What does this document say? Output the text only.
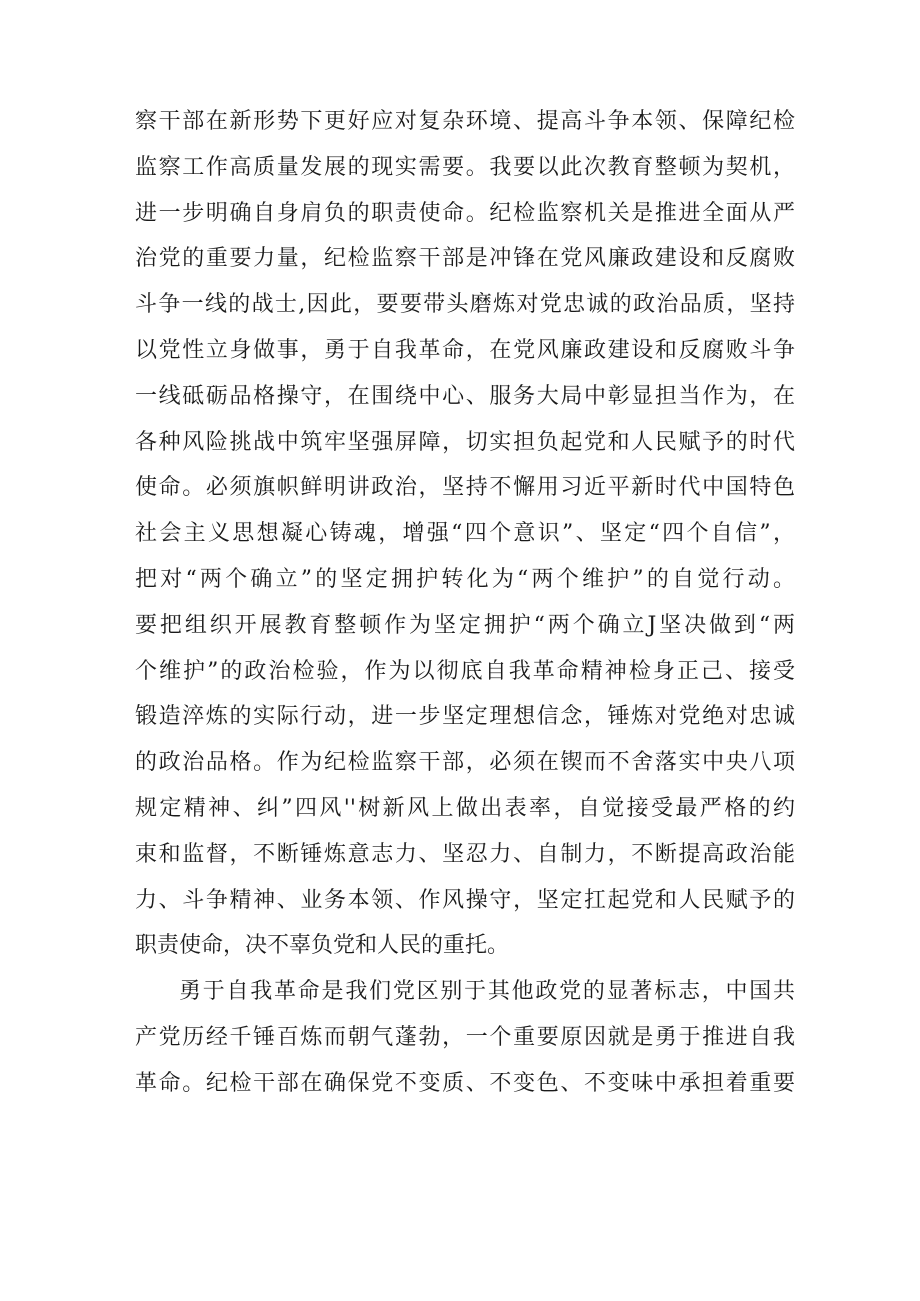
察干部在新形势下更好应对复杂环境、提高斗争本领、保障纪检
监察工作高质量发展的现实需要。我要以此次教育整顿为契机，
进一步明确自身肩负的职责使命。纪检监察机关是推进全面从严
治党的重要力量，纪检监察干部是冲锋在党风廉政建设和反腐败
斗争一线的战士,因此，要要带头磨炼对党忠诚的政治品质，坚持
以党性立身做事，勇于自我革命，在党风廉政建设和反腐败斗争
一线砥砺品格操守，在围绕中心、服务大局中彰显担当作为，在
各种风险挑战中筑牢坚强屏障，切实担负起党和人民赋予的时代
使命。必须旗帜鲜明讲政治，坚持不懈用习近平新时代中国特色
社会主义思想凝心铸魂，增强“四个意识”、坚定“四个自信”，
把对“两个确立”的坚定拥护转化为“两个维护”的自觉行动。
要把组织开展教育整顿作为坚定拥护“两个确立J坚决做到“两
个维护”的政治检验，作为以彻底自我革命精神检身正己、接受
锻造淬炼的实际行动，进一步坚定理想信念，锤炼对党绝对忠诚
的政治品格。作为纪检监察干部，必须在锲而不舍落实中央八项
规定精神、纠”四风''树新风上做出表率，自觉接受最严格的约
束和监督，不断锤炼意志力、坚忍力、自制力，不断提高政治能
力、斗争精神、业务本领、作风操守，坚定扛起党和人民赋予的
职责使命，决不辜负党和人民的重托。

勇于自我革命是我们党区别于其他政党的显著标志，中国共
产党历经千锤百炼而朝气蓬勃，一个重要原因就是勇于推进自我
革命。纪检干部在确保党不变质、不变色、不变味中承担着重要
